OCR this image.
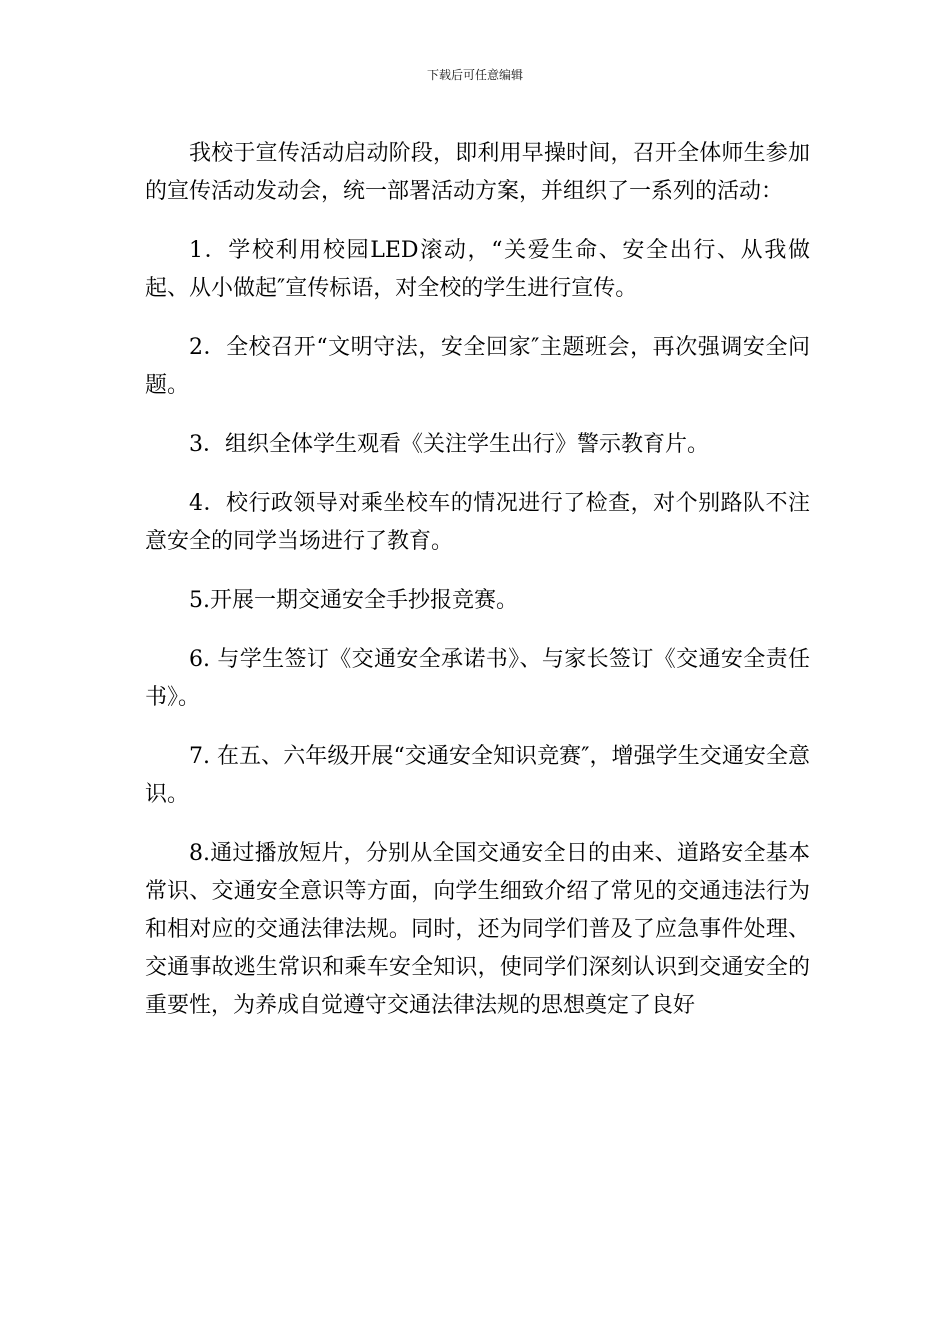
下载后可任意编辑

我校于宣传活动启动阶段，即利用早操时间，召开全体师生参加的宣传活动发动会，统一部署活动方案，并组织了一系列的活动：

1．学校利用校园LED滚动，“关爱生命、安全出行、从我做起、从小做起″宣传标语，对全校的学生进行宣传。

2．全校召开“文明守法，安全回家″主题班会，再次强调安全问题。

3．组织全体学生观看《关注学生出行》警示教育片。

4．校行政领导对乘坐校车的情况进行了检查，对个别路队不注意安全的同学当场进行了教育。

5.开展一期交通安全手抄报竞赛。

6. 与学生签订《交通安全承诺书》、与家长签订《交通安全责任书》。

7. 在五、六年级开展“交通安全知识竞赛″，增强学生交通安全意识。

8.通过播放短片，分别从全国交通安全日的由来、道路安全基本常识、交通安全意识等方面，向学生细致介绍了常见的交通违法行为和相对应的交通法律法规。同时，还为同学们普及了应急事件处理、交通事故逃生常识和乘车安全知识，使同学们深刻认识到交通安全的重要性，为养成自觉遵守交通法律法规的思想奠定了良好
